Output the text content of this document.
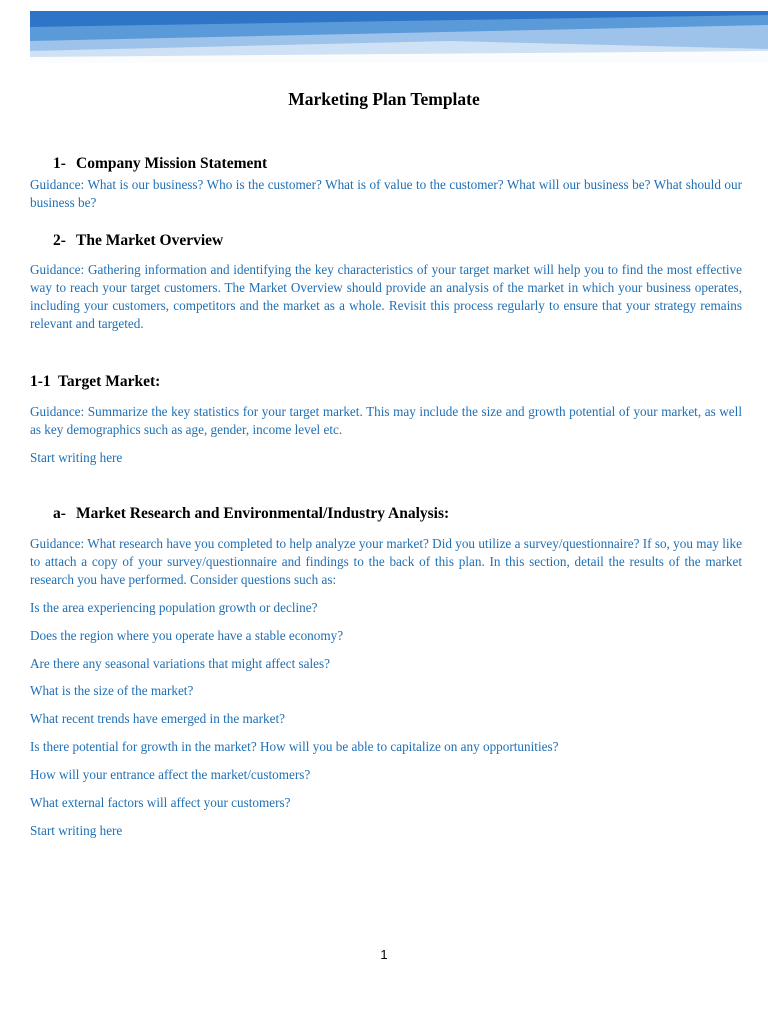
Marketing Plan Template
1- Company Mission Statement
Guidance: What is our business? Who is the customer? What is of value to the customer? What will our business be? What should our business be?
2- The Market Overview
Guidance: Gathering information and identifying the key characteristics of your target market will help you to find the most effective way to reach your target customers. The Market Overview should provide an analysis of the market in which your business operates, including your customers, competitors and the market as a whole. Revisit this process regularly to ensure that your strategy remains relevant and targeted.
1-1 Target Market:
Guidance: Summarize the key statistics for your target market. This may include the size and growth potential of your market, as well as key demographics such as age, gender, income level etc.
Start writing here
a- Market Research and Environmental/Industry Analysis:
Guidance: What research have you completed to help analyze your market? Did you utilize a survey/questionnaire? If so, you may like to attach a copy of your survey/questionnaire and findings to the back of this plan. In this section, detail the results of the market research you have performed. Consider questions such as:
Is the area experiencing population growth or decline?
Does the region where you operate have a stable economy?
Are there any seasonal variations that might affect sales?
What is the size of the market?
What recent trends have emerged in the market?
Is there potential for growth in the market? How will you be able to capitalize on any opportunities?
How will your entrance affect the market/customers?
What external factors will affect your customers?
Start writing here
1
